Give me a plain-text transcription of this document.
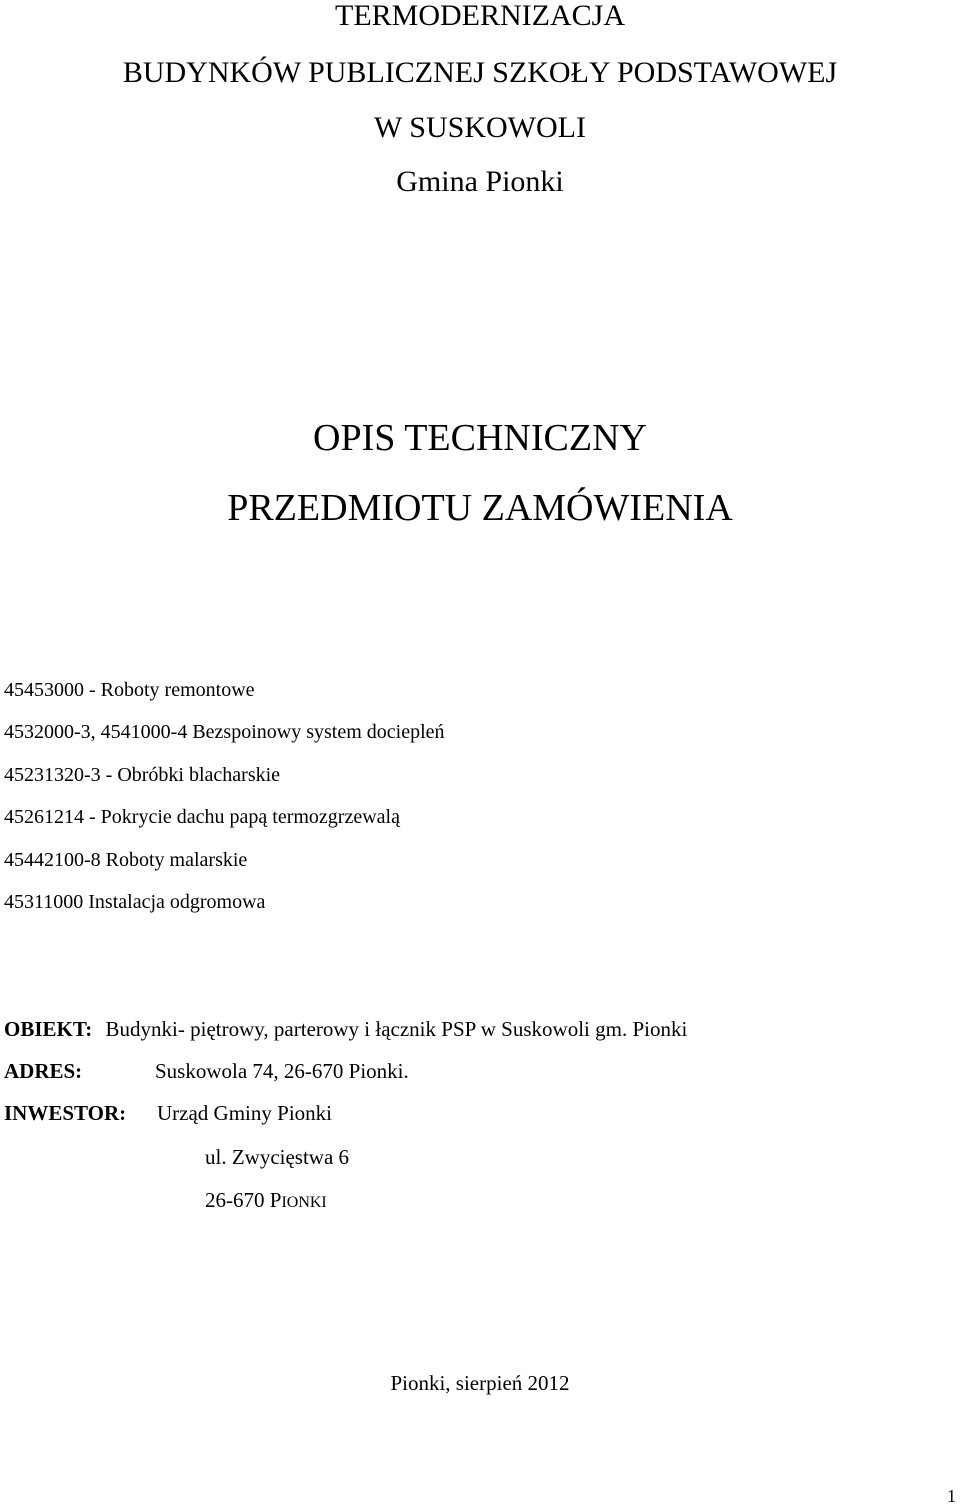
TERMODERNIZACJA
BUDYNKÓW PUBLICZNEJ SZKOŁY PODSTAWOWEJ
W SUSKOWOLI
Gmina Pionki
OPIS TECHNICZNY
PRZEDMIOTU ZAMÓWIENIA
45453000 - Roboty remontowe
4532000-3, 4541000-4 Bezspoinowy system dociepleń
45231320-3 - Obróbki blacharskie
45261214 - Pokrycie dachu papą termozgrzewalą
45442100-8 Roboty malarskie
45311000 Instalacja odgromowa
OBIEKT: Budynki- piętrowy, parterowy i łącznik PSP w Suskowoli gm. Pionki
ADRES:	Suskowola 74, 26-670 Pionki.
INWESTOR: Urząd Gminy Pionki
ul. Zwycięstwa 6
26-670 PIONKI
Pionki, sierpień 2012
1
